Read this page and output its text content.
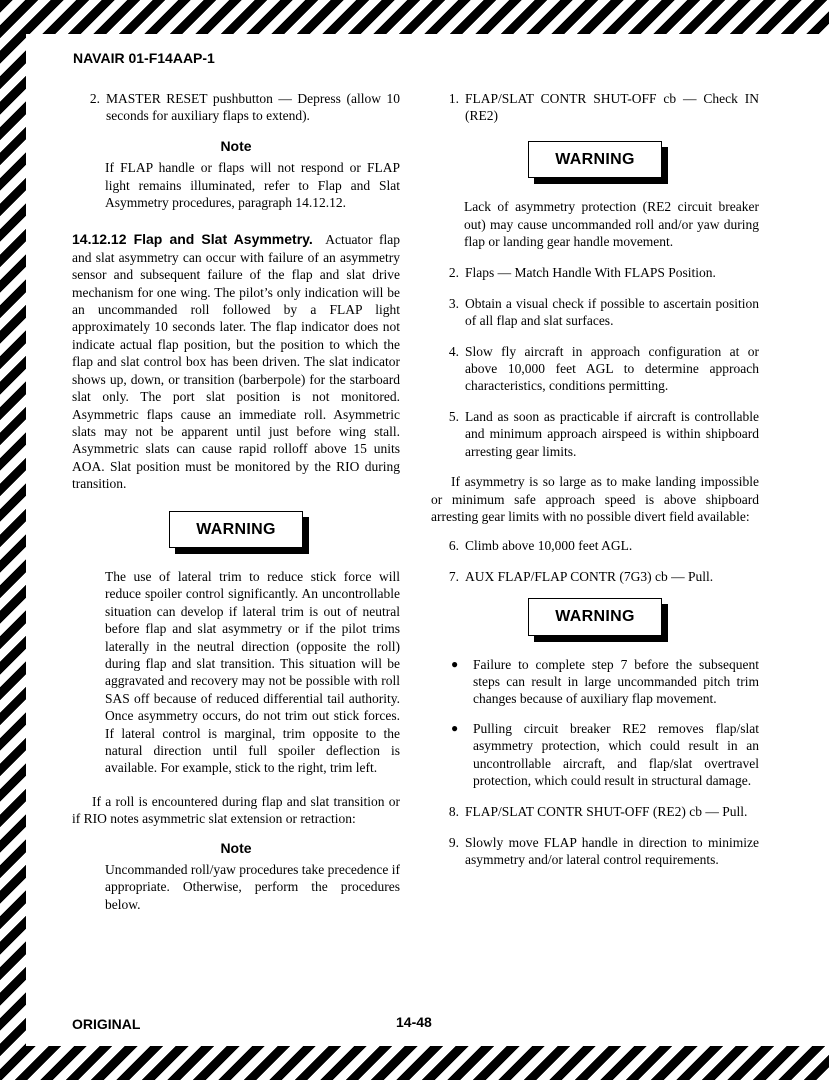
NAVAIR 01-F14AAP-1
2. MASTER RESET pushbutton — Depress (allow 10 seconds for auxiliary flaps to extend).
Note
If FLAP handle or flaps will not respond or FLAP light remains illuminated, refer to Flap and Slat Asymmetry procedures, paragraph 14.12.12.

14.12.12 Flap and Slat Asymmetry. Actuator flap and slat asymmetry can occur with failure of an asymmetry sensor and subsequent failure of the flap and slat drive mechanism for one wing. The pilot’s only indication will be an uncommanded roll followed by a FLAP light approximately 10 seconds later. The flap indicator does not indicate actual flap position, but the position to which the flap and slat control box has been driven. The slat indicator shows up, down, or transition (barberpole) for the starboard slat only. The port slat position is not monitored. Asymmetric flaps cause an immediate roll. Asymmetric slats may not be apparent until just before wing stall. Asymmetric slats can cause rapid rolloff above 15 units AOA. Slat position must be monitored by the RIO during transition.

WARNING
The use of lateral trim to reduce stick force will reduce spoiler control significantly. An uncontrollable situation can develop if lateral trim is out of neutral before flap and slat asymmetry or if the pilot trims laterally in the neutral direction (opposite the roll) during flap and slat transition. This situation will be aggravated and recovery may not be possible with roll SAS off because of reduced differential tail authority. Once asymmetry occurs, do not trim out stick forces. If lateral control is marginal, trim opposite to the natural direction until full spoiler deflection is available. For example, stick to the right, trim left.

If a roll is encountered during flap and slat transition or if RIO notes asymmetric slat extension or retraction:

Note
Uncommanded roll/yaw procedures take precedence if appropriate. Otherwise, perform the procedures below.
1. FLAP/SLAT CONTR SHUT-OFF cb — Check IN (RE2)
WARNING
Lack of asymmetry protection (RE2 circuit breaker out) may cause uncommanded roll and/or yaw during flap or landing gear handle movement.
2. Flaps — Match Handle With FLAPS Position.
3. Obtain a visual check if possible to ascertain position of all flap and slat surfaces.
4. Slow fly aircraft in approach configuration at or above 10,000 feet AGL to determine approach characteristics, conditions permitting.
5. Land as soon as practicable if aircraft is controllable and minimum approach airspeed is within shipboard arresting gear limits.

If asymmetry is so large as to make landing impossible or minimum safe approach speed is above shipboard arresting gear limits with no possible divert field available:

6. Climb above 10,000 feet AGL.
7. AUX FLAP/FLAP CONTR (7G3) cb — Pull.
WARNING
●	Failure to complete step 7 before the subsequent steps can result in large uncommanded pitch trim changes because of auxiliary flap movement.
●	Pulling circuit breaker RE2 removes flap/slat asymmetry protection, which could result in an uncontrollable aircraft, and flap/slat overtravel protection, which could result in structural damage.
8. FLAP/SLAT CONTR SHUT-OFF (RE2) cb — Pull.
9. Slowly move FLAP handle in direction to minimize asymmetry and/or lateral control requirements.
ORIGINAL	14-48
